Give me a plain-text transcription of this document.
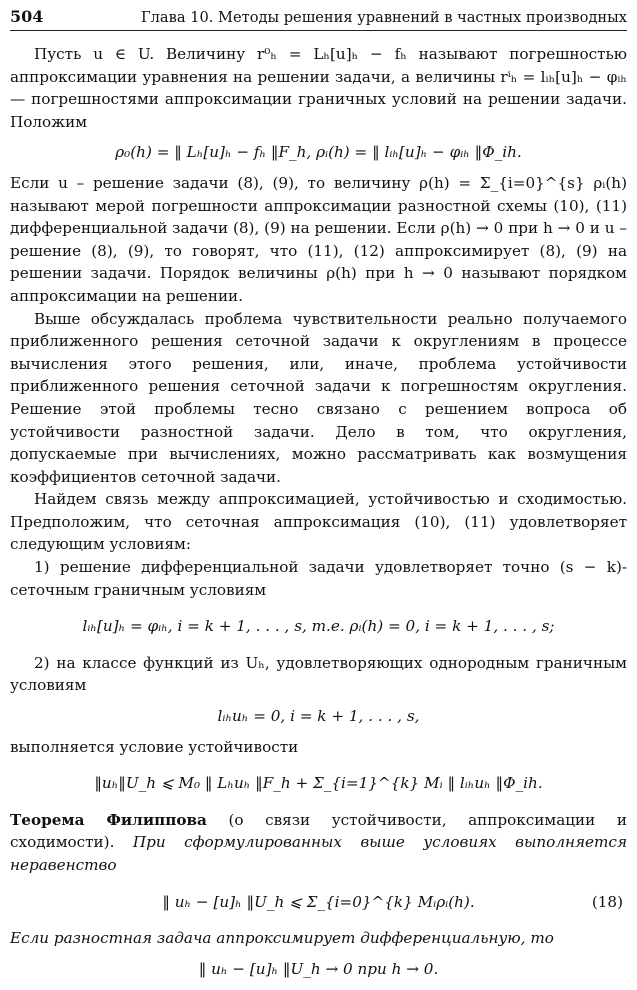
504	Глава 10. Методы решения уравнений в частных производных

Пусть u ∈ U. Величину r⁰ₕ = Lₕ[u]ₕ − fₕ называют погрешностью аппроксимации уравнения на решении задачи, а величины rⁱₕ = lᵢₕ[u]ₕ − φᵢₕ — погрешностями аппроксимации граничных условий на решении задачи. Положим

ρ₀(h) = ‖ Lₕ[u]ₕ − fₕ ‖F_h, ρᵢ(h) = ‖ lᵢₕ[u]ₕ − φᵢₕ ‖Φ_ih.

Если u – решение задачи (8), (9), то величину ρ(h) = Σ_{i=0}^{s} ρᵢ(h) называют мерой погрешности аппроксимации разностной схемы (10), (11) дифференциальной задачи (8), (9) на решении. Если ρ(h) → 0 при h → 0 и u – решение (8), (9), то говорят, что (11), (12) аппроксимирует (8), (9) на решении задачи. Порядок величины ρ(h) при h → 0 называют порядком аппроксимации на решении.

Выше обсуждалась проблема чувствительности реально получаемого приближенного решения сеточной задачи к округлениям в процессе вычисления этого решения, или, иначе, проблема устойчивости приближенного решения сеточной задачи к погрешностям округления. Решение этой проблемы тесно связано с решением вопроса об устойчивости разностной задачи. Дело в том, что округления, допускаемые при вычислениях, можно рассматривать как возмущения коэффициентов сеточной задачи.

Найдем связь между аппроксимацией, устойчивостью и сходимостью. Предположим, что сеточная аппроксимация (10), (11) удовлетворяет следующим условиям:

1) решение дифференциальной задачи удовлетворяет точно (s − k)-сеточным граничным условиям

lᵢₕ[u]ₕ = φᵢₕ, i = k + 1, . . . , s, т.е. ρᵢ(h) = 0, i = k + 1, . . . , s;

2) на классе функций из Uₕ, удовлетворяющих однородным граничным условиям

lᵢₕuₕ = 0, i = k + 1, . . . , s,

выполняется условие устойчивости

‖uₕ‖U_h ⩽ M₀ ‖ Lₕuₕ ‖F_h + Σ_{i=1}^{k} Mᵢ ‖ lᵢₕuₕ ‖Φ_ih.

Теорема Филиппова (о связи устойчивости, аппроксимации и сходимости). При сформулированных выше условиях выполняется неравенство

‖ uₕ − [u]ₕ ‖U_h ⩽ Σ_{i=0}^{k} Mᵢρᵢ(h).	(18)

Если разностная задача аппроксимирует дифференциальную, то

‖ uₕ − [u]ₕ ‖U_h → 0 при h → 0.
